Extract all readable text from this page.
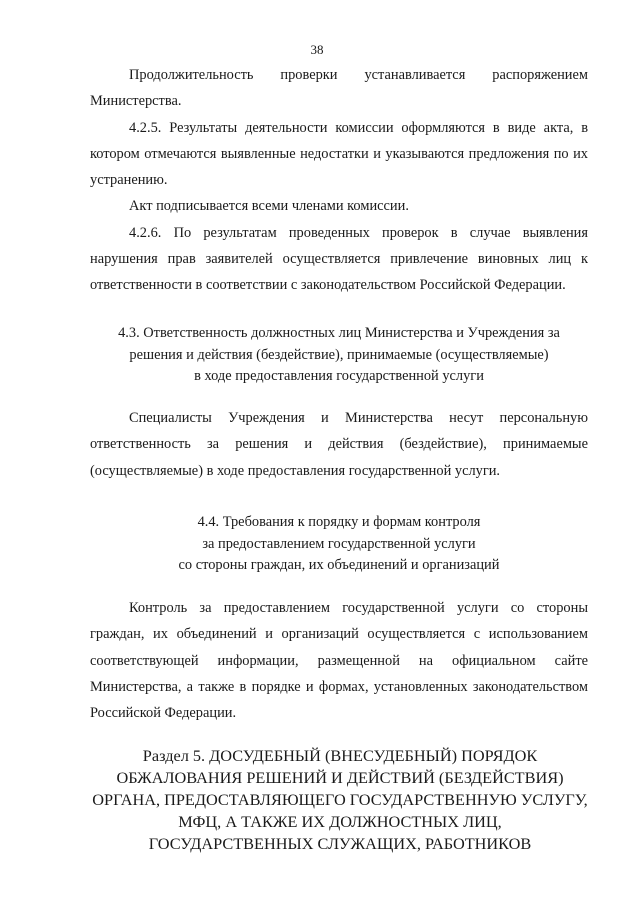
38

Продолжительность проверки устанавливается распоряжением Министерства.

4.2.5. Результаты деятельности комиссии оформляются в виде акта, в котором отмечаются выявленные недостатки и указываются предложения по их устранению.

Акт подписывается всеми членами комиссии.

4.2.6. По результатам проведенных проверок в случае выявления нарушения прав заявителей осуществляется привлечение виновных лиц к ответственности в соответствии с законодательством Российской Федерации.

4.3. Ответственность должностных лиц Министерства и Учреждения за
решения и действия (бездействие), принимаемые (осуществляемые)
в ходе предоставления государственной услуги

Специалисты Учреждения и Министерства несут персональную ответственность за решения и действия (бездействие), принимаемые (осуществляемые) в ходе предоставления государственной услуги.

4.4. Требования к порядку и формам контроля
за предоставлением государственной услуги
со стороны граждан, их объединений и организаций

Контроль за предоставлением государственной услуги со стороны граждан, их объединений и организаций осуществляется с использованием соответствующей информации, размещенной на официальном сайте Министерства, а также в порядке и формах, установленных законодательством Российской Федерации.

Раздел 5. ДОСУДЕБНЫЙ (ВНЕСУДЕБНЫЙ) ПОРЯДОК
ОБЖАЛОВАНИЯ РЕШЕНИЙ И ДЕЙСТВИЙ (БЕЗДЕЙСТВИЯ)
ОРГАНА, ПРЕДОСТАВЛЯЮЩЕГО ГОСУДАРСТВЕННУЮ УСЛУГУ,
МФЦ, А ТАКЖЕ ИХ ДОЛЖНОСТНЫХ ЛИЦ,
ГОСУДАРСТВЕННЫХ СЛУЖАЩИХ, РАБОТНИКОВ
